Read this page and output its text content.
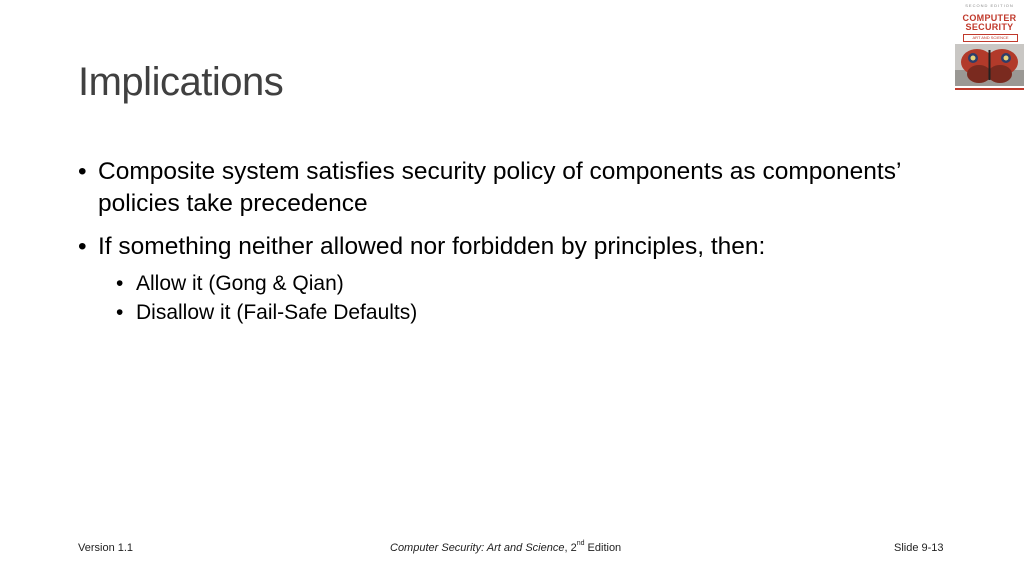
Implications
• Composite system satisfies security policy of components as components’ policies take precedence
• If something neither allowed nor forbidden by principles, then:
• Allow it (Gong & Qian)
• Disallow it (Fail-Safe Defaults)
SECOND EDITION
COMPUTER
SECURITY
ART AND SCIENCE
Version 1.1	Computer Security: Art and Science, 2nd Edition	Slide 9-13
